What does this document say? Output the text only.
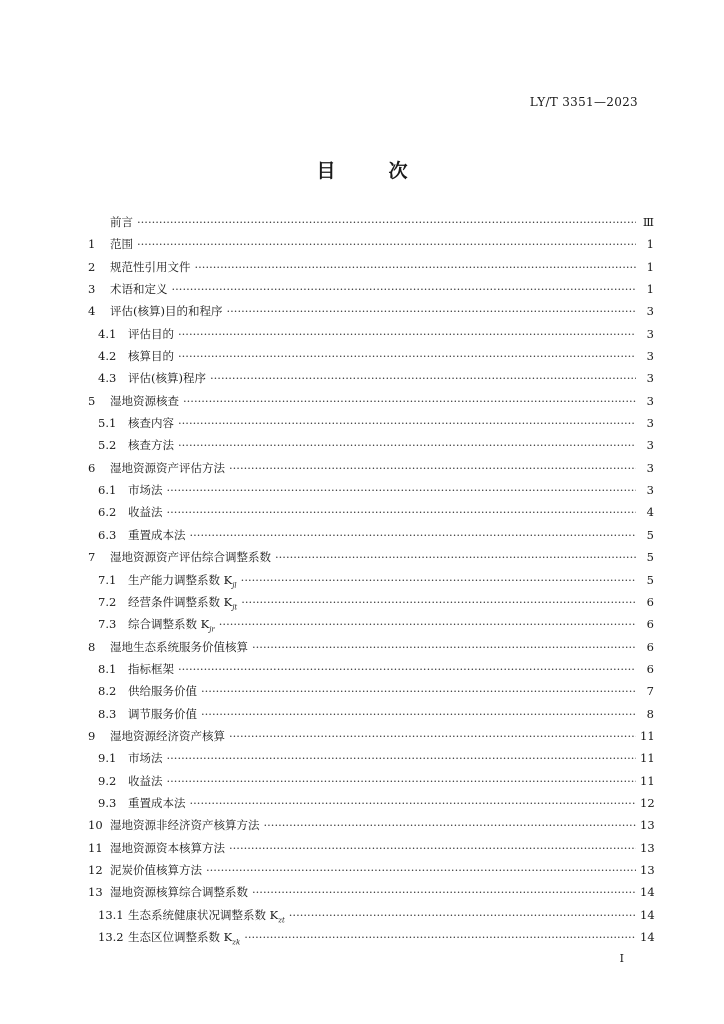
LY/T 3351—2023
目	次
前言 ·····	Ⅲ
1	范围 ·····	1
2	规范性引用文件 ·····	1
3	术语和定义 ·····	1
4	评估(核算)目的和程序 ·····	3
4.1	评估目的 ·····	3
4.2	核算目的 ·····	3
4.3	评估(核算)程序 ·····	3
5	湿地资源核查 ·····	3
5.1	核查内容 ·····	3
5.2	核查方法 ·····	3
6	湿地资源资产评估方法 ·····	3
6.1	市场法 ·····	3
6.2	收益法 ·····	4
6.3	重置成本法 ·····	5
7	湿地资源资产评估综合调整系数 ·····	5
7.1	生产能力调整系数 $K_{jl}$ ·····	5
7.2	经营条件调整系数 $K_{jt}$ ·····	6
7.3	综合调整系数 $K_{jr}$ ·····	6
8	湿地生态系统服务价值核算 ·····	6
8.1	指标框架 ·····	6
8.2	供给服务价值 ·····	7
8.3	调节服务价值 ·····	8
9	湿地资源经济资产核算 ·····	11
9.1	市场法 ·····	11
9.2	收益法 ·····	11
9.3	重置成本法 ·····	12
10 湿地资源非经济资产核算方法 ·····	13
11 湿地资源资本核算方法 ·····	13
12 泥炭价值核算方法 ·····	13
13 湿地资源核算综合调整系数 ·····	14
13.1 生态系统健康状况调整系数 $K_{zt}$ ·····	14
13.2 生态区位调整系数 $K_{zk}$ ·····	14
I
